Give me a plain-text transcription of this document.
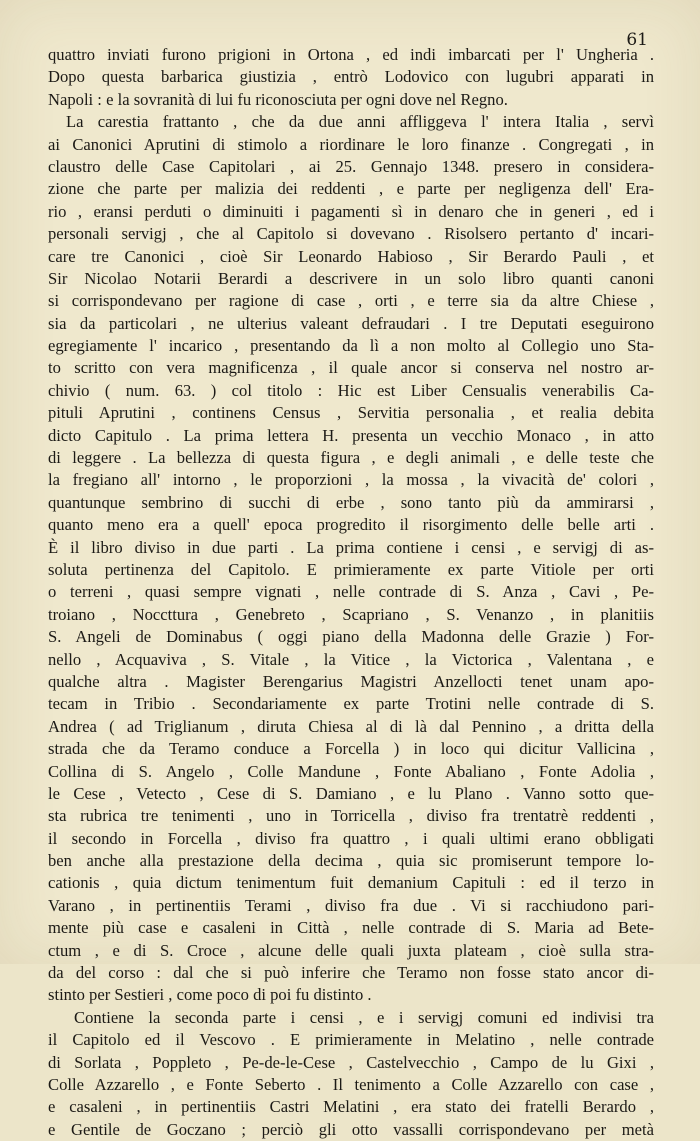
61
quattro inviati furono prigioni in Ortona , ed indi imbarcati per l' Ungheria .
Dopo questa barbarica giustizia , entrò Lodovico con lugubri apparati in
Napoli : e la sovranità di lui fu riconosciuta per ogni dove nel Regno.
La carestia frattanto , che da due anni affliggeva l' intera Italia , servì
ai Canonici Aprutini di stimolo a riordinare le loro finanze . Congregati , in
claustro delle Case Capitolari , ai 25. Gennajo 1348. presero in considera-
zione che parte per malizia dei reddenti , e parte per negligenza dell' Era-
rio , eransi perduti o diminuiti i pagamenti sì in denaro che in generi , ed i
personali servigj , che al Capitolo si dovevano . Risolsero pertanto d' incari-
care tre Canonici , cioè Sir Leonardo Habioso , Sir Berardo Pauli , et
Sir Nicolao Notarii Berardi a descrivere in un solo libro quanti canoni
si corrispondevano per ragione di case , orti , e terre sia da altre Chiese ,
sia da particolari , ne ulterius valeant defraudari . I tre Deputati eseguirono
egregiamente l' incarico , presentando da lì a non molto al Collegio uno Sta-
to scritto con vera magnificenza , il quale ancor si conserva nel nostro ar-
chivio ( num. 63. ) col titolo : Hic est Liber Censualis venerabilis Ca-
pituli Aprutini , continens Census , Servitia personalia , et realia debita
dicto Capitulo . La prima lettera H. presenta un vecchio Monaco , in atto
di leggere . La bellezza di questa figura , e degli animali , e delle teste che
la fregiano all' intorno , le proporzioni , la mossa , la vivacità de' colori ,
quantunque sembrino di succhi di erbe , sono tanto più da ammirarsi ,
quanto meno era a quell' epoca progredito il risorgimento delle belle arti .
È il libro diviso in due parti . La prima contiene i censi , e servigj di as-
soluta pertinenza del Capitolo. E primieramente ex parte Vitiole per orti
o terreni , quasi sempre vignati , nelle contrade di S. Anza , Cavi , Pe-
troiano , Noccttura , Genebreto , Scapriano , S. Venanzo , in planitiis
S. Angeli de Dominabus ( oggi piano della Madonna delle Grazie ) For-
nello , Acquaviva , S. Vitale , la Vitice , la Victorica , Valentana , e
qualche altra . Magister Berengarius Magistri Anzellocti tenet unam apo-
tecam in Tribio . Secondariamente ex parte Trotini nelle contrade di S.
Andrea ( ad Triglianum , diruta Chiesa al di là dal Pennino , a dritta della
strada che da Teramo conduce a Forcella ) in loco qui dicitur Vallicina ,
Collina di S. Angelo , Colle Mandune , Fonte Abaliano , Fonte Adolia ,
le Cese , Vetecto , Cese di S. Damiano , e lu Plano . Vanno sotto que-
sta rubrica tre tenimenti , uno in Torricella , diviso fra trentatrè reddenti ,
il secondo in Forcella , diviso fra quattro , i quali ultimi erano obbligati
ben anche alla prestazione della decima , quia sic promiserunt tempore lo-
cationis , quia dictum tenimentum fuit demanium Capituli : ed il terzo in
Varano , in pertinentiis Terami , diviso fra due . Vi si racchiudono pari-
mente più case e casaleni in Città , nelle contrade di S. Maria ad Bete-
ctum , e di S. Croce , alcune delle quali juxta plateam , cioè sulla stra-
da del corso : dal che si può inferire che Teramo non fosse stato ancor di-
stinto per Sestieri , come poco di poi fu distinto .
Contiene la seconda parte i censi , e i servigj comuni ed indivisi tra
il Capitolo ed il Vescovo . E primieramente in Melatino , nelle contrade
di Sorlata , Poppleto , Pe-de-le-Cese , Castelvecchio , Campo de lu Gixi ,
Colle Azzarello , e Fonte Seberto . Il tenimento a Colle Azzarello con case ,
e casaleni , in pertinentiis Castri Melatini , era stato dei fratelli Berardo ,
e Gentile de Goczano ; perciò gli otto vassalli corrispondevano per metà
